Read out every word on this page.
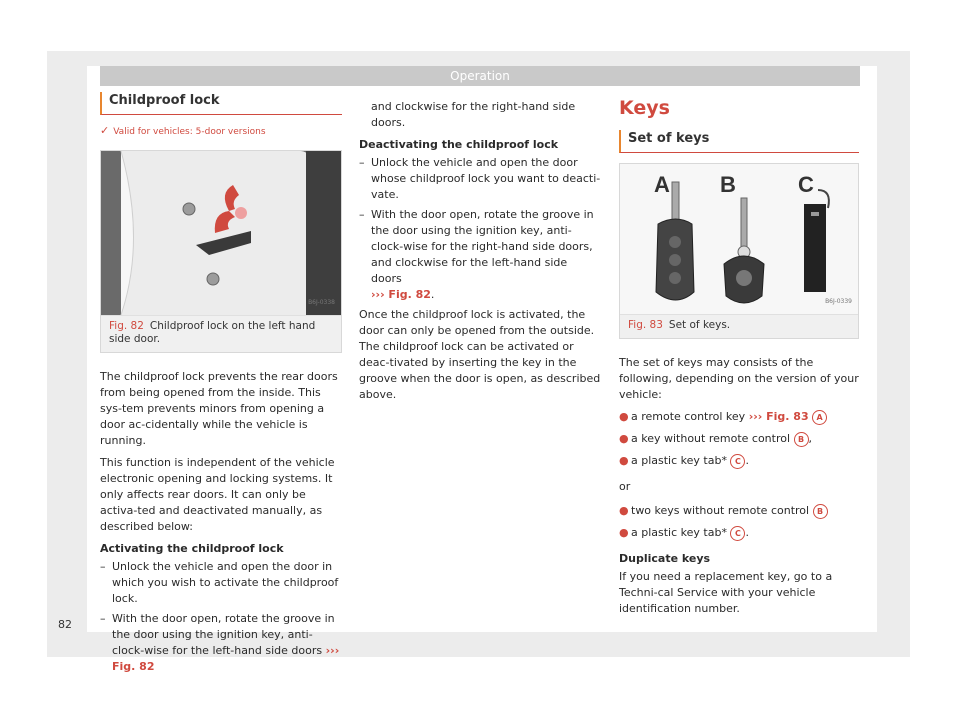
Operation
Childproof lock
✓ Valid for vehicles: 5-door versions
B6J-0338
Fig. 82 Childproof lock on the left hand side door.

The childproof lock prevents the rear doors from being opened from the inside. This sys-tem prevents minors from opening a door ac-cidentally while the vehicle is running.

This function is independent of the vehicle electronic opening and locking systems. It only affects rear doors. It can only be activa-ted and deactivated manually, as described below:

Activating the childproof lock

– Unlock the vehicle and open the door in which you wish to activate the childproof lock.
– With the door open, rotate the groove in the door using the ignition key, anti-clock-wise for the left-hand side doors ››› Fig. 82

and clockwise for the right-hand side doors.

Deactivating the childproof lock

– Unlock the vehicle and open the door whose childproof lock you want to deacti-vate.
– With the door open, rotate the groove in the door using the ignition key, anti-clock-wise for the right-hand side doors, and clockwise for the left-hand side doors
››› Fig. 82.

Once the childproof lock is activated, the door can only be opened from the outside. The childproof lock can be activated or deac-tivated by inserting the key in the groove when the door is open, as described above.

Keys
Set of keys
A B	C
B6J-0339
Fig. 83 Set of keys.

The set of keys may consists of the following, depending on the version of your vehicle:

● a remote control key ››› Fig. 83 A
● a key without remote control B ,
● a plastic key tab* C .

or

● two keys without remote control B
● a plastic key tab* C .

Duplicate keys

If you need a replacement key, go to a Techni-cal Service with your vehicle identification number.

82
